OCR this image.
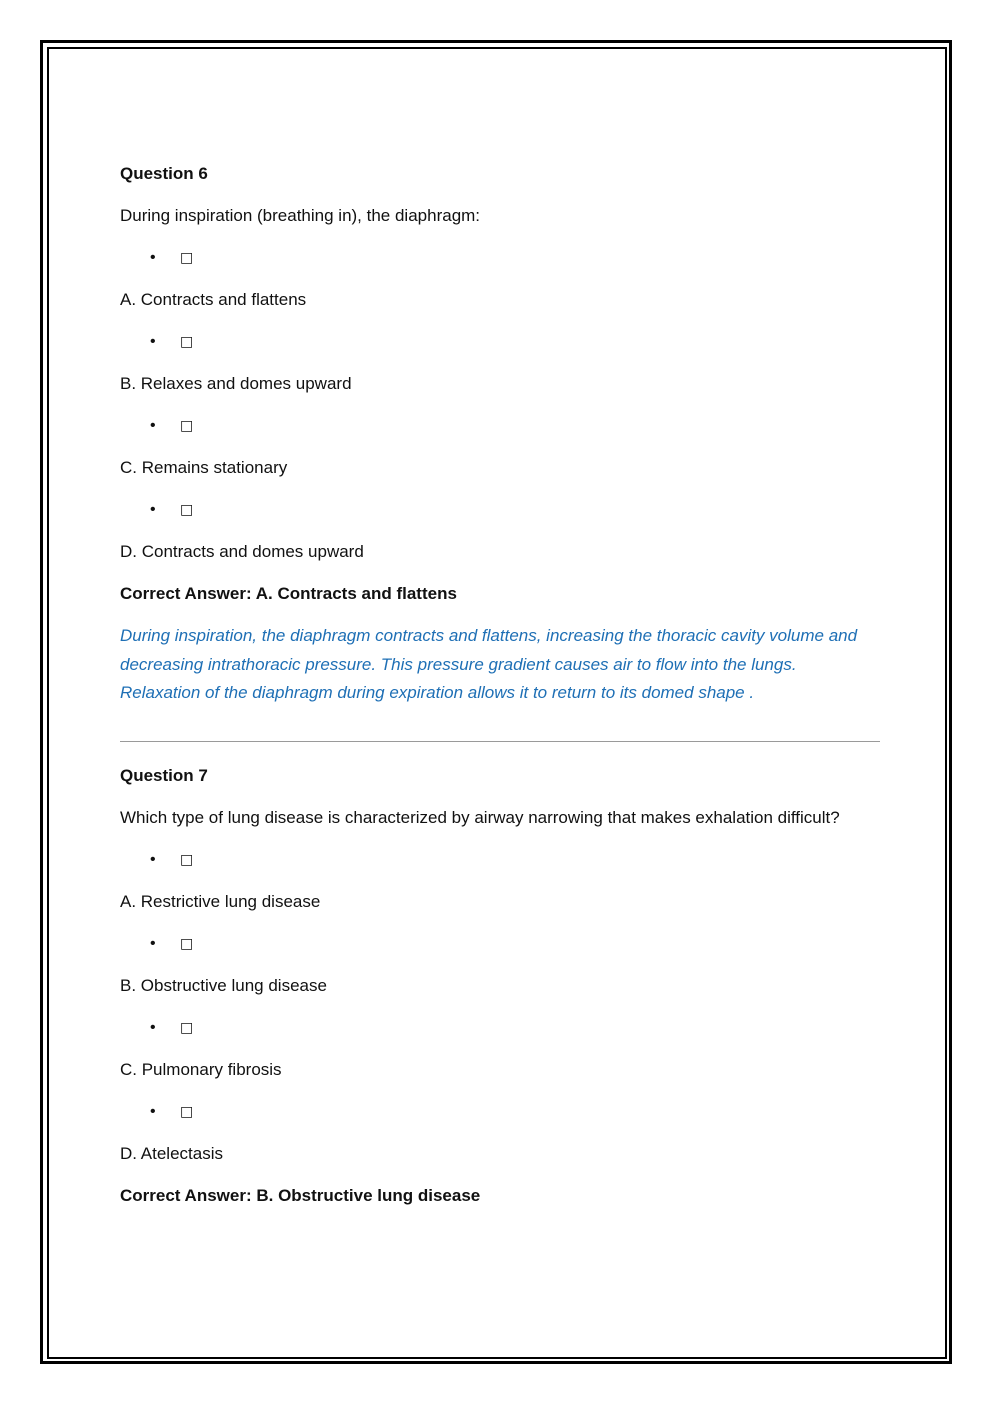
Question 6
During inspiration (breathing in), the diaphragm:
• □
A. Contracts and flattens
• □
B. Relaxes and domes upward
• □
C. Remains stationary
• □
D. Contracts and domes upward
Correct Answer: A. Contracts and flattens

During inspiration, the diaphragm contracts and flattens, increasing the thoracic cavity volume and decreasing intrathoracic pressure. This pressure gradient causes air to flow into the lungs. Relaxation of the diaphragm during expiration allows it to return to its domed shape .

Question 7
Which type of lung disease is characterized by airway narrowing that makes exhalation difficult?
• □
A. Restrictive lung disease
• □
B. Obstructive lung disease
• □
C. Pulmonary fibrosis
• □
D. Atelectasis
Correct Answer: B. Obstructive lung disease
